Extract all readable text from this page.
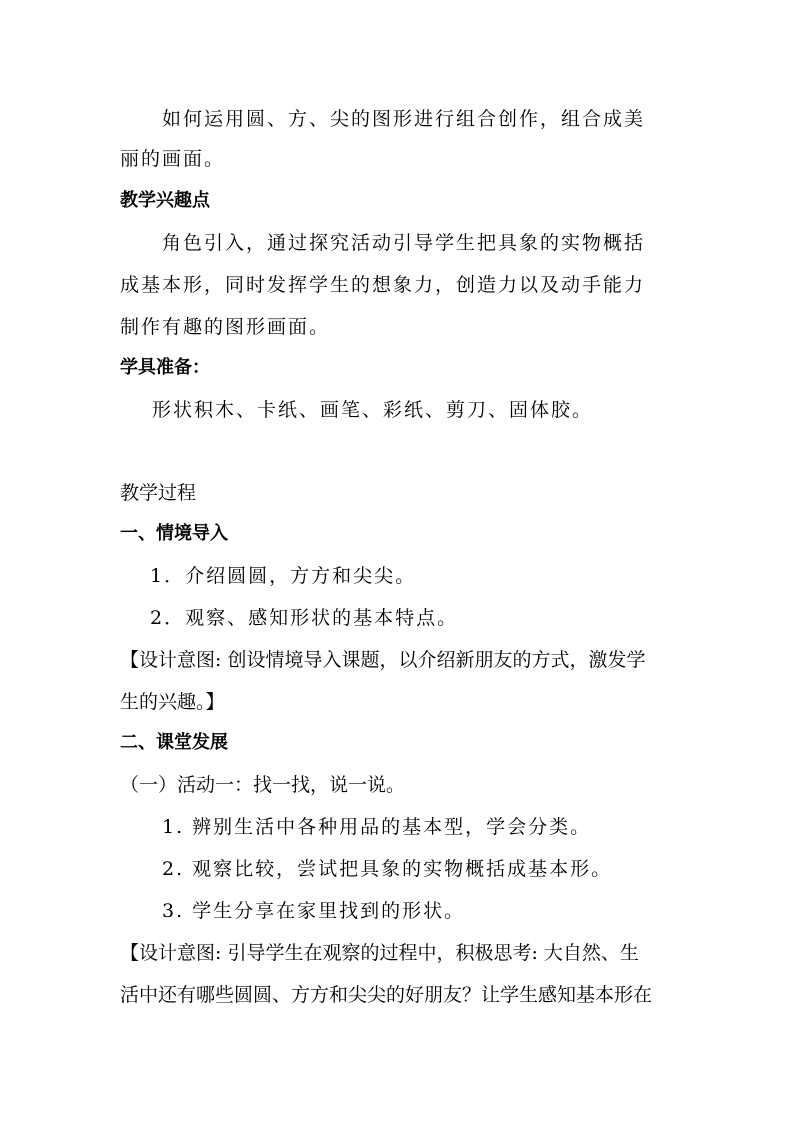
如何运用圆、方、尖的图形进行组合创作，组合成美
丽的画面。
教学兴趣点
角色引入，通过探究活动引导学生把具象的实物概括
成基本形，同时发挥学生的想象力，创造力以及动手能力
制作有趣的图形画面。
学具准备：
形状积木、卡纸、画笔、彩纸、剪刀、固体胶。
教学过程
一、情境导入
1．介绍圆圆，方方和尖尖。
2．观察、感知形状的基本特点。
【设计意图: 创设情境导入课题，以介绍新朋友的方式，激发学
生的兴趣。】
二、课堂发展
（一）活动一：找一找，说一说。
1. 辨别生活中各种用品的基本型，学会分类。
2. 观察比较，尝试把具象的实物概括成基本形。
3. 学生分享在家里找到的形状。
【设计意图: 引导学生在观察的过程中，积极思考: 大自然、生
活中还有哪些圆圆、方方和尖尖的好朋友？让学生感知基本形在
